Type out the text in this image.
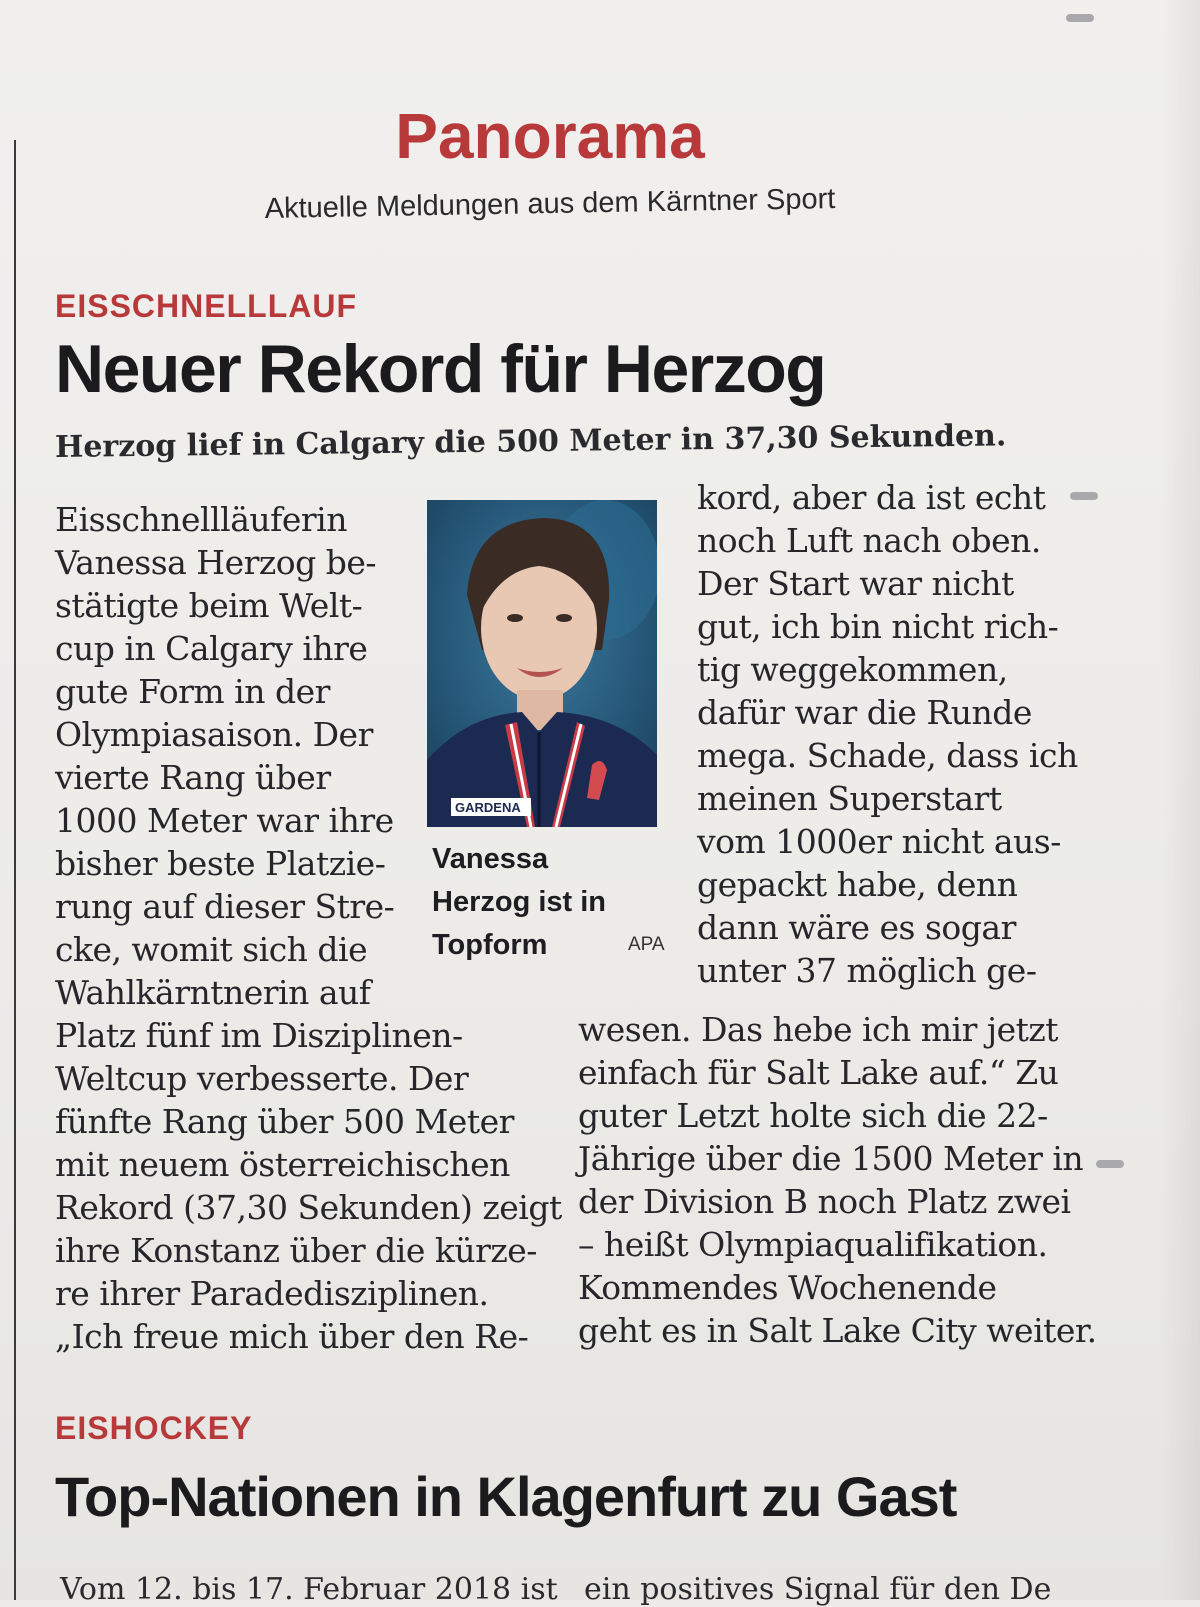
Panorama
Aktuelle Meldungen aus dem Kärntner Sport
EISSCHNELLLAUF
Neuer Rekord für Herzog
Herzog lief in Calgary die 500 Meter in 37,30 Sekunden.
Eisschnellläuferin
Vanessa Herzog be-
stätigte beim Welt-
cup in Calgary ihre
gute Form in der
Olympiasaison. Der
vierte Rang über
1000 Meter war ihre
bisher beste Platzie-
rung auf dieser Stre-
cke, womit sich die
Wahlkärntnerin auf
Platz fünf im Disziplinen-
Weltcup verbesserte. Der
fünfte Rang über 500 Meter
mit neuem österreichischen
Rekord (37,30 Sekunden) zeigt
ihre Konstanz über die kürze-
re ihrer Paradedisziplinen.
„Ich freue mich über den Re-
kord, aber da ist echt
noch Luft nach oben.
Der Start war nicht
gut, ich bin nicht rich-
tig weggekommen,
dafür war die Runde
mega. Schade, dass ich
meinen Superstart
vom 1000er nicht aus-
gepackt habe, denn
dann wäre es sogar
unter 37 möglich ge-
wesen. Das hebe ich mir jetzt
einfach für Salt Lake auf.“ Zu
guter Letzt holte sich die 22-
Jährige über die 1500 Meter in
der Division B noch Platz zwei
– heißt Olympiaqualifikation.
Kommendes Wochenende
geht es in Salt Lake City weiter.
GARDENA
Vanessa
Herzog ist in
Topform	APA
EISHOCKEY
Top-Nationen in Klagenfurt zu Gast
Vom 12. bis 17. Februar 2018 ist ein positives Signal für den De
